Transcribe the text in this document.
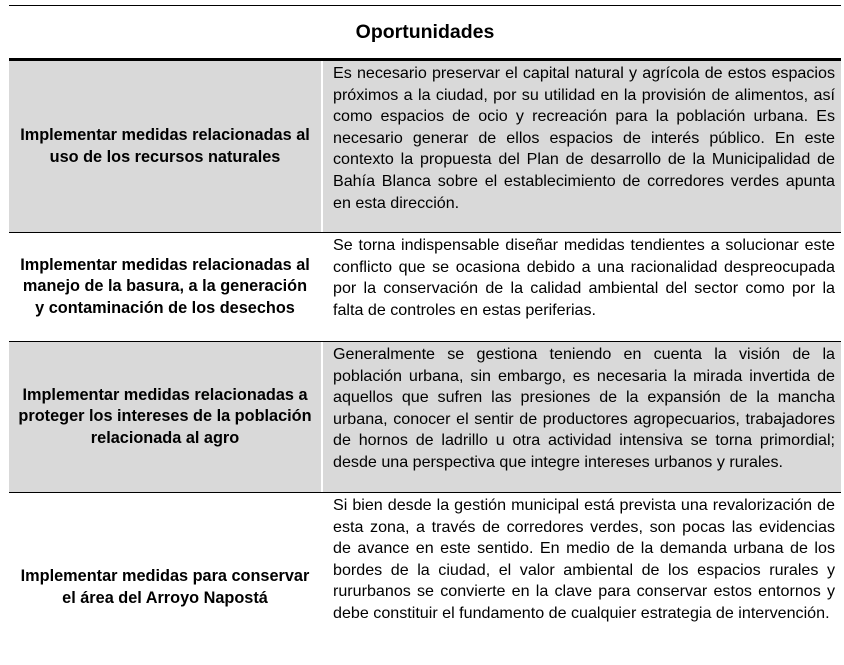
Oportunidades
Implementar medidas relacionadas al uso de los recursos naturales
Es necesario preservar el capital natural y agrícola de estos espacios próximos a la ciudad, por su utilidad en la provisión de alimentos, así como espacios de ocio y recreación para la población urbana. Es necesario generar de ellos espacios de interés público. En este contexto la propuesta del Plan de desarrollo de la Municipalidad de Bahía Blanca sobre el establecimiento de corredores verdes apunta en esta dirección.
Implementar medidas relacionadas al manejo de la basura, a la generación y contaminación de los desechos
Se torna indispensable diseñar medidas tendientes a solucionar este conflicto que se ocasiona debido a una racionalidad despreocupada por la conservación de la calidad ambiental del sector como por la falta de controles en estas periferias.
Implementar medidas relacionadas a proteger los intereses de la población relacionada al agro
Generalmente se gestiona teniendo en cuenta la visión de la población urbana, sin embargo, es necesaria la mirada invertida de aquellos que sufren las presiones de la expansión de la mancha urbana, conocer el sentir de productores agropecuarios, trabajadores de hornos de ladrillo u otra actividad intensiva se torna primordial; desde una perspectiva que integre intereses urbanos y rurales.
Implementar medidas para conservar el área del Arroyo Napostá
Si bien desde la gestión municipal está prevista una revalorización de esta zona, a través de corredores verdes, son pocas las evidencias de avance en este sentido. En medio de la demanda urbana de los bordes de la ciudad, el valor ambiental de los espacios rurales y rururbanos se convierte en la clave para conservar estos entornos y debe constituir el fundamento de cualquier estrategia de intervención.
